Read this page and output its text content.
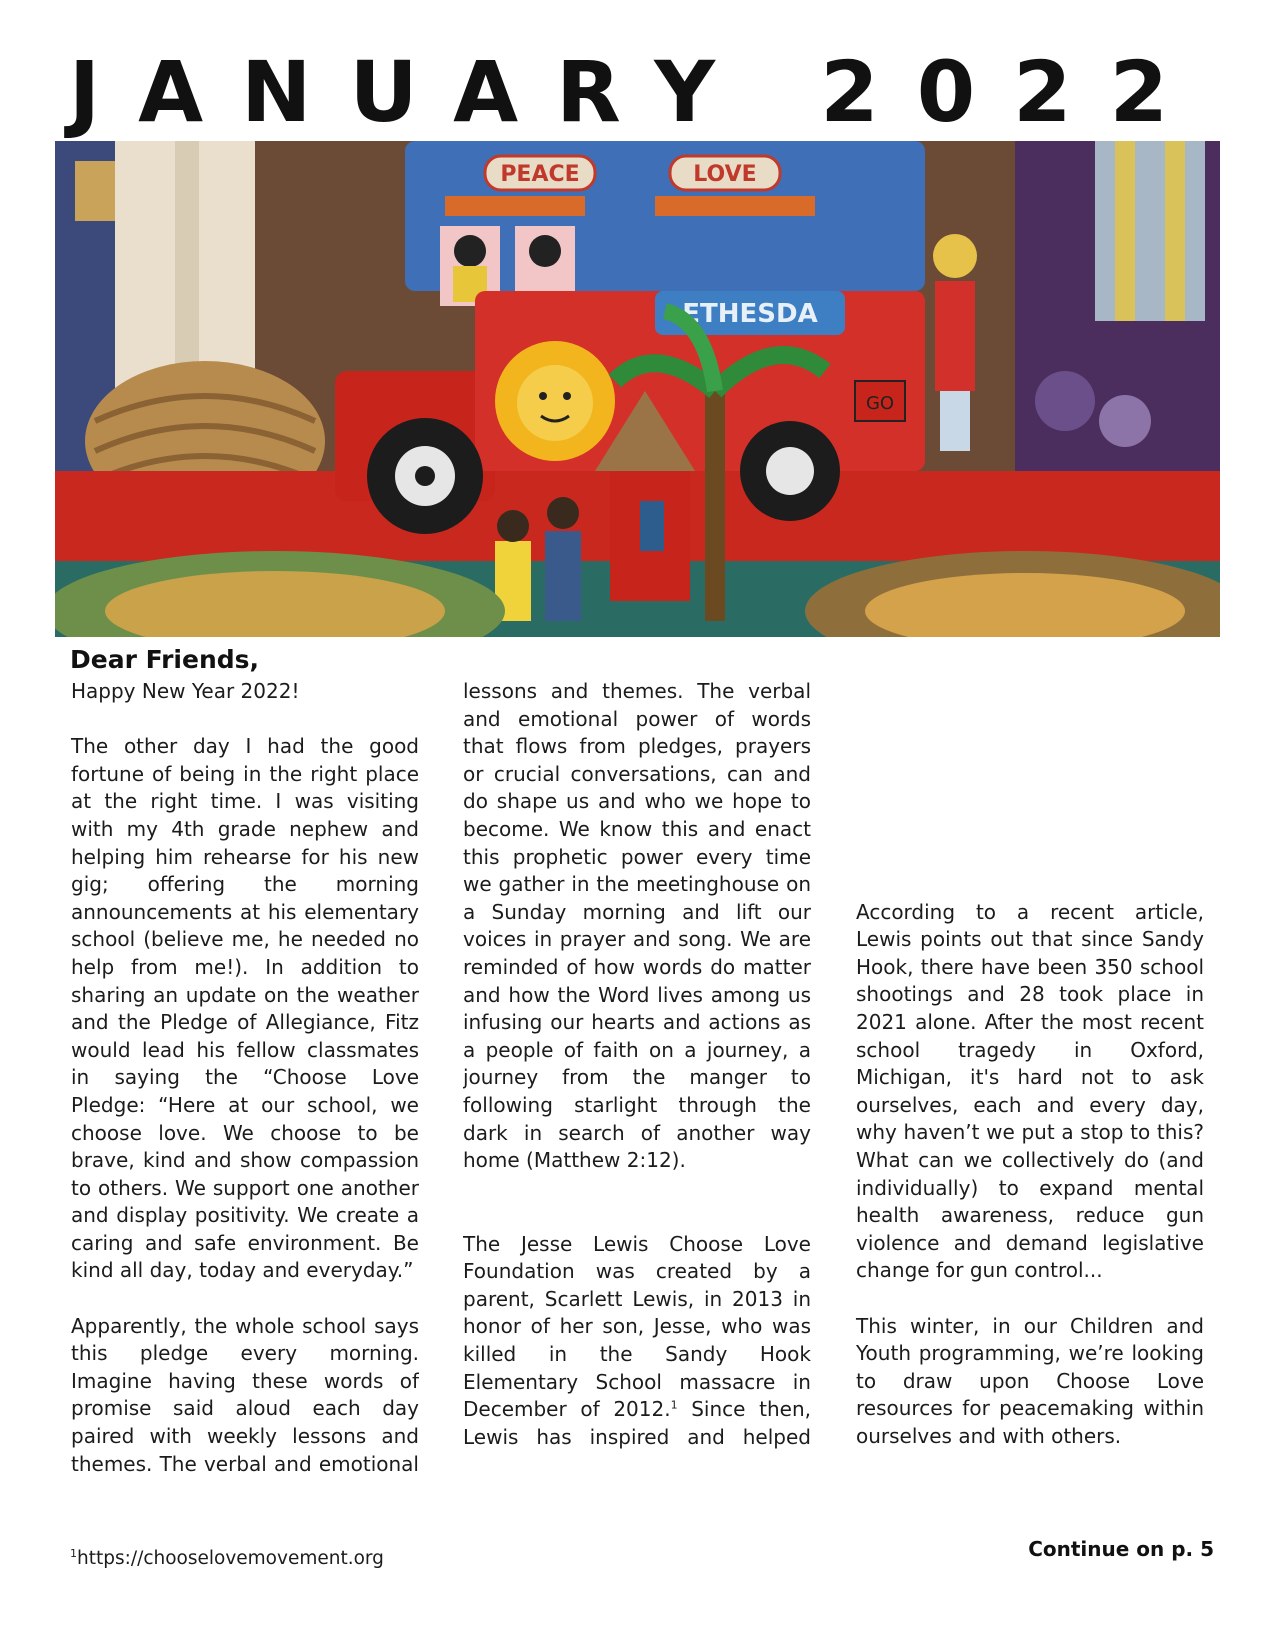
JANUARY 2022
PEACE	LOVE
ETHESDA
GO
Dear Friends,

Happy New Year 2022!

The other day I had the good fortune of being in the right place at the right time. I was visiting with my 4th grade nephew and helping him rehearse for his new gig; offering the morning announcements at his elementary school (believe me, he needed no help from me!). In addition to sharing an update on the weather and the Pledge of Allegiance, Fitz would lead his fellow classmates in saying the “Choose Love Pledge: “Here at our school, we choose love. We choose to be brave, kind and show compassion to others. We support one another and display positivity. We create a caring and safe environment. Be kind all day, today and everyday.”

Apparently, the whole school says this pledge every morning. Imagine having these words of promise said aloud each day paired with weekly lessons and themes. The verbal and emotional

lessons and themes. The verbal and emotional power of words that flows from pledges, prayers or crucial conversations, can and do shape us and who we hope to become. We know this and enact this prophetic power every time we gather in the meetinghouse on a Sunday morning and lift our voices in prayer and song. We are reminded of how words do matter and how the Word lives among us infusing our hearts and actions as a people of faith on a journey, a journey from the manger to following starlight through the dark in search of another way home (Matthew 2:12).

The Jesse Lewis Choose Love Foundation was created by a parent, Scarlett Lewis, in 2013 in honor of her son, Jesse, who was killed in the Sandy Hook Elementary School massacre in December of 2012.$^1$ Since then, Lewis has inspired and helped

According to a recent article, Lewis points out that since Sandy Hook, there have been 350 school shootings and 28 took place in 2021 alone. After the most recent school tragedy in Oxford, Michigan, it's hard not to ask ourselves, each and every day, why haven’t we put a stop to this? What can we collectively do (and individually) to expand mental health awareness, reduce gun violence and demand legislative change for gun control...

This winter, in our Children and Youth programming, we’re looking to draw upon Choose Love resources for peacemaking within ourselves and with others.

$^1$https://chooselovemovement.org	Continue on p. 5
